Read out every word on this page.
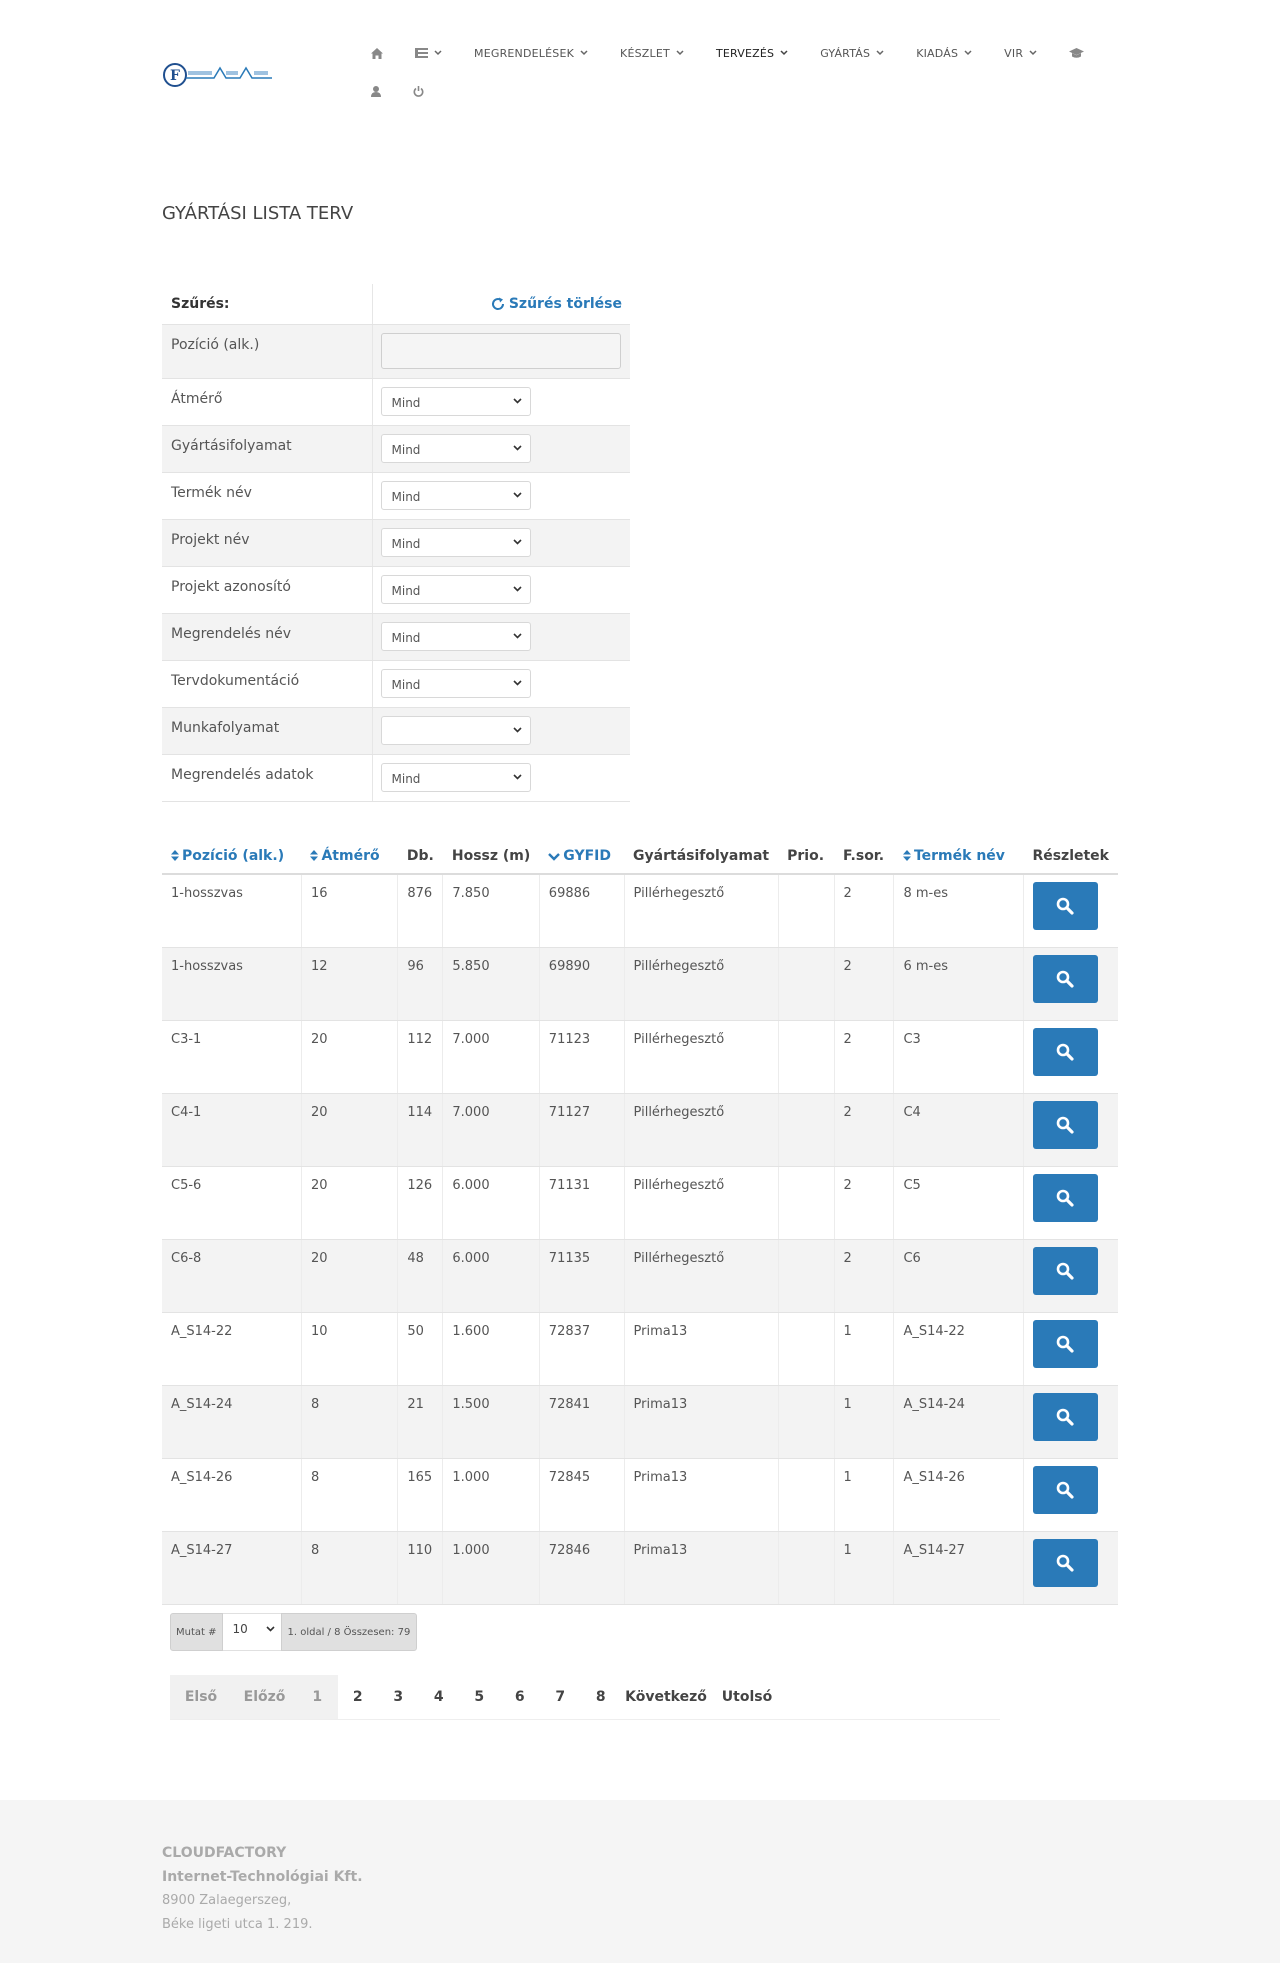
F
MEGRENDELÉSEK	KÉSZLET	TERVEZÉS	GYÁRTÁS	KIADÁS	VIR
GYÁRTÁSI LISTA TERV
Szűrés:	Szűrés törlése

Pozíció (alk.)	
Átmérő	Mind

Gyártásifolyamat	Mind

Termék név	Mind

Projekt név	Mind

Projekt azonosító	Mind

Megrendelés név	Mind

Tervdokumentáció	Mind

Munkafolyamat	

Megrendelés adatok	Mind
Pozíció (alk.)	Átmérő	Db.	Hossz (m)	GYFID	Gyártásifolyamat	Prio.	F.sor.	Termék név	Részletek
1-hosszvas	16	876	7.850	69886	Pillérhegesztő		2	8 m-es	

1-hosszvas	12	96	5.850	69890	Pillérhegesztő		2	6 m-es	

C3-1	20	112	7.000	71123	Pillérhegesztő		2	C3	

C4-1	20	114	7.000	71127	Pillérhegesztő		2	C4	

C5-6	20	126	6.000	71131	Pillérhegesztő		2	C5	

C6-8	20	48	6.000	71135	Pillérhegesztő		2	C6	

A_S14-22	10	50	1.600	72837	Prima13		1	A_S14-22	

A_S14-24	8	21	1.500	72841	Prima13		1	A_S14-24	

A_S14-26	8	165	1.000	72845	Prima13		1	A_S14-26	

A_S14-27	8	110	1.000	72846	Prima13		1	A_S14-27	
Mutat #	10	1. oldal / 8 Összesen: 79
Első	Előző	1	2	3	4	5	6	7	8	Következő	Utolsó
CLOUDFACTORY
Internet-Technológiai Kft.
8900 Zalaegerszeg,
Béke ligeti utca 1. 219.
